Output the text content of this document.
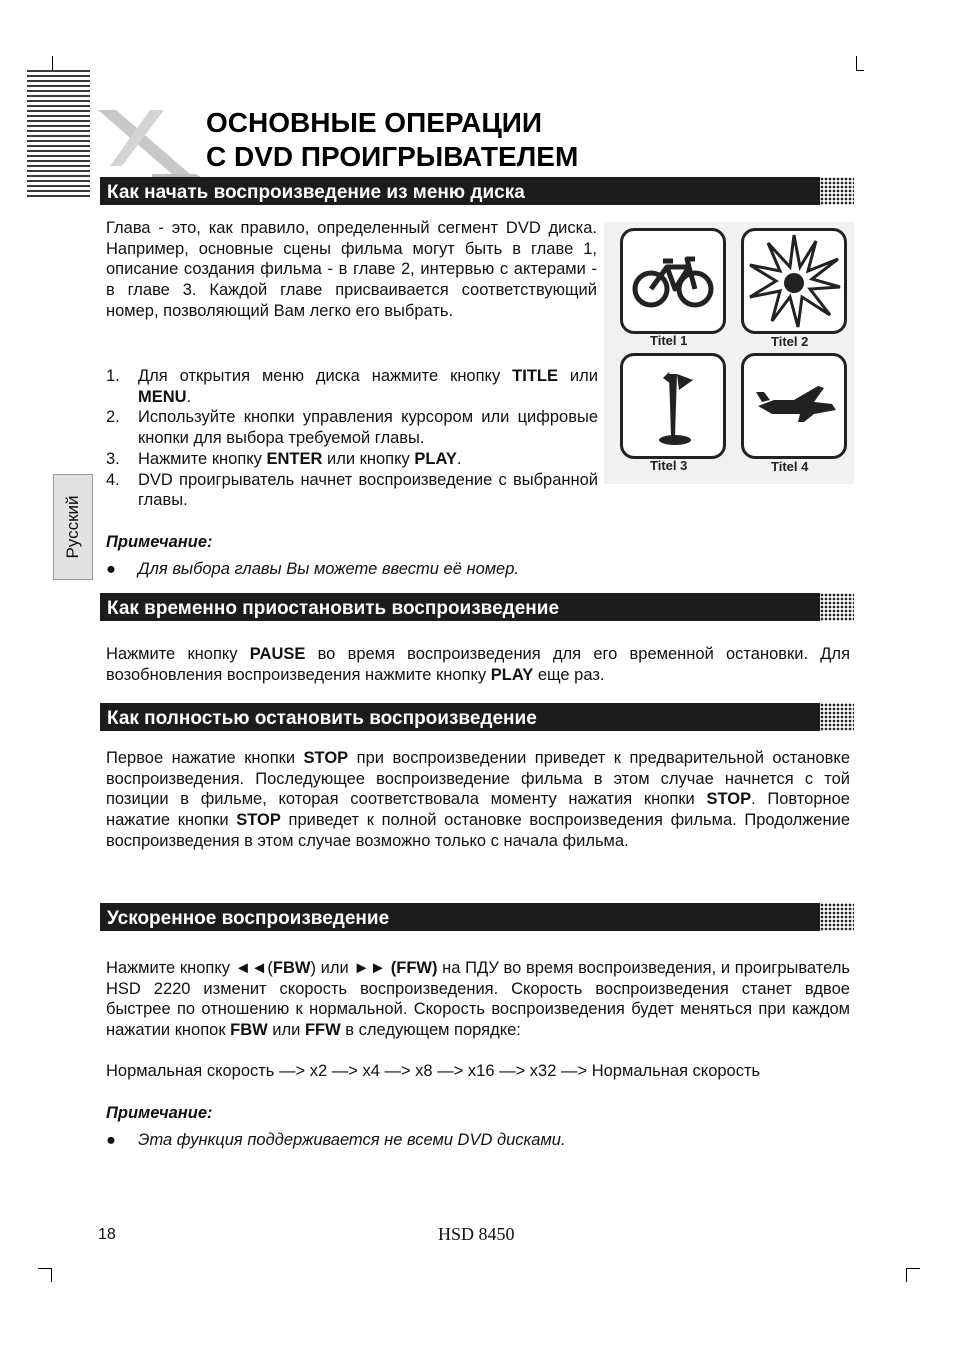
ОСНОВНЫЕ ОПЕРАЦИИ
С DVD ПРОИГРЫВАТЕЛЕМ
Русский
Как начать воспроизведение из меню диска
Глава - это, как правило, определенный сегмент DVD диска. Например, основные сцены фильма могут быть в главе 1, описание создания фильма - в главе 2, интервью с актерами - в главе 3. Каждой главе присваивается соответствующий номер, позволяющий Вам легко его выбрать.
1. Для открытия меню диска нажмите кнопку TITLE или MENU.
2. Используйте кнопки управления курсором или цифровые кнопки для выбора требуемой главы.
3. Нажмите кнопку ENTER или кнопку PLAY.
4. DVD проигрыватель начнет воспроизведение с выбранной главы.
Примечание:
● Для выбора главы Вы можете ввести её номер.
Titel 1	Titel 2
Titel 3	Titel 4
Как временно приостановить воспроизведение
Нажмите кнопку PAUSE во время воспроизведения для его временной остановки. Для возобновления воспроизведения нажмите кнопку PLAY еще раз.
Как полностью остановить воспроизведение
Первое нажатие кнопки STOP при воспроизведении приведет к предварительной остановке воспроизведения. Последующее воспроизведение фильма в этом случае начнется с той позиции в фильме, которая соответствовала моменту нажатия кнопки STOP. Повторное нажатие кнопки STOP приведет к полной остановке воспроизведения фильма. Продолжение воспроизведения в этом случае возможно только с начала фильма.
Ускоренное воспроизведение
Нажмите кнопку ◄◄(FBW) или ►► (FFW) на ПДУ во время воспроизведения, и проигрыватель HSD 2220 изменит скорость воспроизведения. Скорость воспроизведения станет вдвое быстрее по отношению к нормальной. Скорость воспроизведения будет меняться при каждом нажатии кнопок FBW или FFW в следующем порядке:
Нормальная скорость —> x2 —> x4 —> x8 —> x16 —> x32 —> Нормальная скорость
Примечание:
● Эта функция поддерживается не всеми DVD дисками.
18	HSD 8450
